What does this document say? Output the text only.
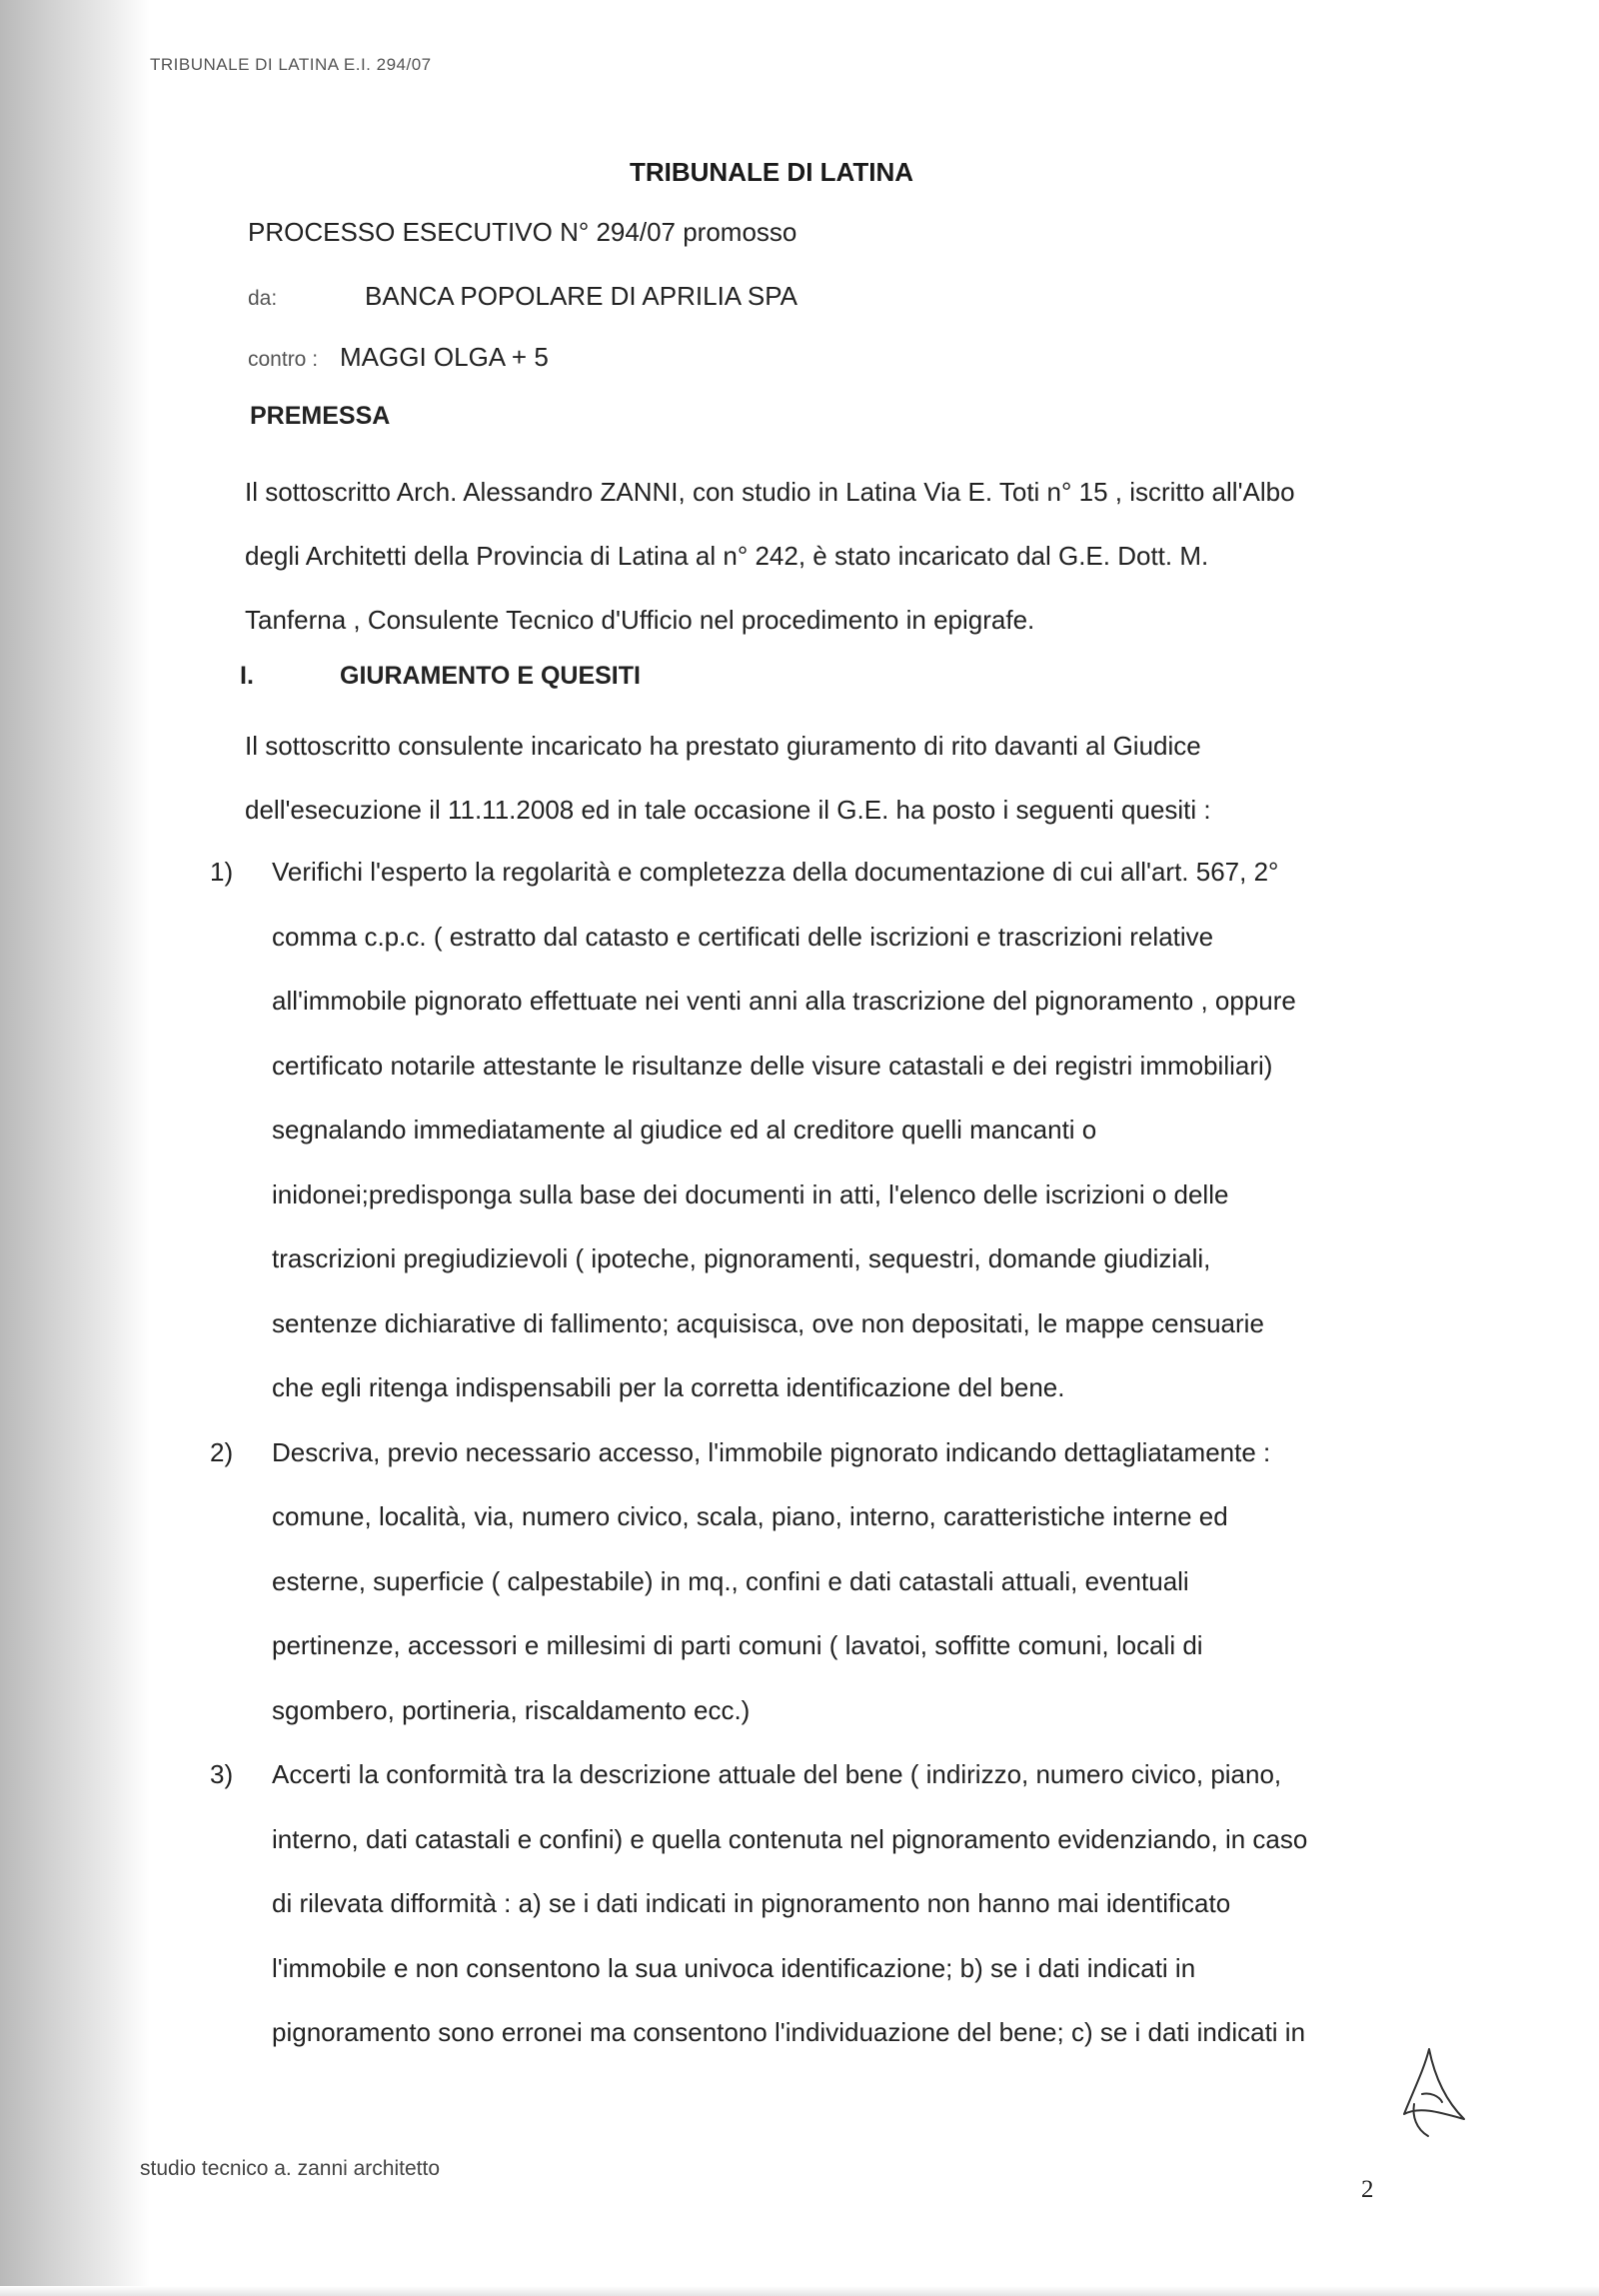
TRIBUNALE DI LATINA E.I. 294/07
TRIBUNALE DI LATINA
PROCESSO ESECUTIVO N° 294/07 promosso
da:	BANCA POPOLARE DI APRILIA SPA
contro : MAGGI OLGA + 5
PREMESSA

Il sottoscritto Arch. Alessandro ZANNI, con studio in Latina Via E. Toti n° 15 , iscritto all'Albo

degli Architetti della Provincia di Latina al n° 242, è stato incaricato dal G.E. Dott. M.

Tanferna , Consulente Tecnico d'Ufficio nel procedimento in epigrafe.

I.	GIURAMENTO E QUESITI

Il sottoscritto consulente incaricato ha prestato giuramento di rito davanti al Giudice

dell'esecuzione il 11.11.2008 ed in tale occasione il G.E. ha posto i seguenti quesiti :

1) Verifichi l'esperto la regolarità e completezza della documentazione di cui all'art. 567, 2°

comma c.p.c. ( estratto dal catasto e certificati delle iscrizioni e trascrizioni relative

all'immobile pignorato effettuate nei venti anni alla trascrizione del pignoramento , oppure

certificato notarile attestante le risultanze delle visure catastali e dei registri immobiliari)

segnalando immediatamente al giudice ed al creditore quelli mancanti o

inidonei;predisponga sulla base dei documenti in atti, l'elenco delle iscrizioni o delle

trascrizioni pregiudizievoli ( ipoteche, pignoramenti, sequestri, domande giudiziali,

sentenze dichiarative di fallimento; acquisisca, ove non depositati, le mappe censuarie

che egli ritenga indispensabili per la corretta identificazione del bene.

2) Descriva, previo necessario accesso, l'immobile pignorato indicando dettagliatamente :

comune, località, via, numero civico, scala, piano, interno, caratteristiche interne ed

esterne, superficie ( calpestabile) in mq., confini e dati catastali attuali, eventuali

pertinenze, accessori e millesimi di parti comuni ( lavatoi, soffitte comuni, locali di

sgombero, portineria, riscaldamento ecc.)

3) Accerti la conformità tra la descrizione attuale del bene ( indirizzo, numero civico, piano,

interno, dati catastali e confini) e quella contenuta nel pignoramento evidenziando, in caso

di rilevata difformità : a) se i dati indicati in pignoramento non hanno mai identificato

l'immobile e non consentono la sua univoca identificazione; b) se i dati indicati in

pignoramento sono erronei ma consentono l'individuazione del bene; c) se i dati indicati in

studio tecnico a. zanni architetto
2
